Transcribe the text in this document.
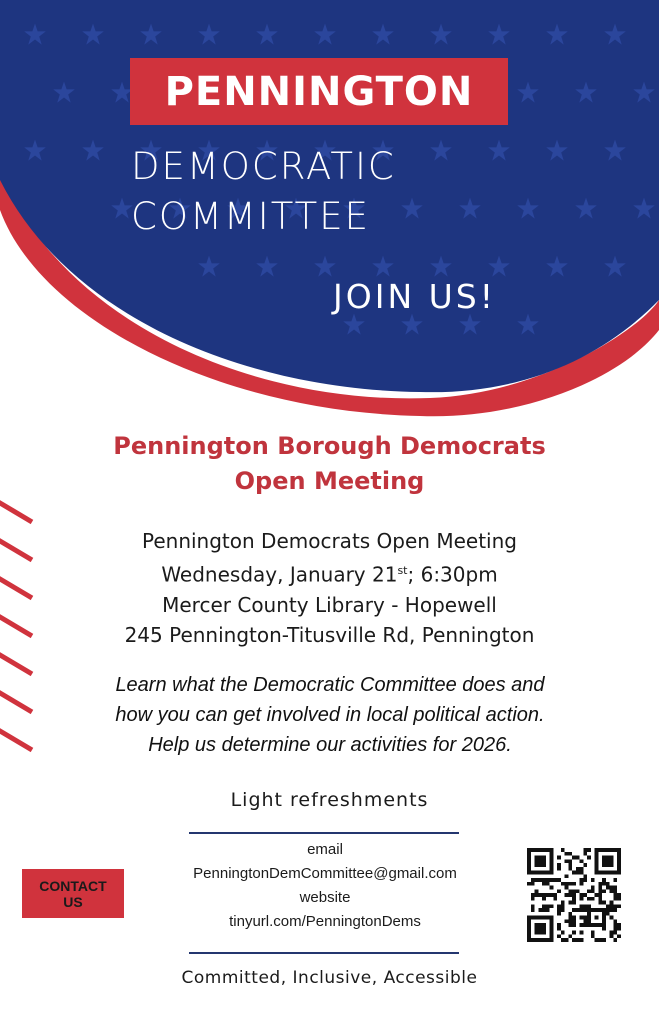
PENNINGTON
DEMOCRATIC
COMMITTEE
JOIN US!
Pennington Borough Democrats
Open Meeting
Pennington Democrats Open Meeting
Wednesday, January 21st; 6:30pm
Mercer County Library - Hopewell
245 Pennington-Titusville Rd, Pennington
Learn what the Democratic Committee does and
how you can get involved in local political action.
Help us determine our activities for 2026.
Light refreshments
CONTACT
US
email
PenningtonDemCommittee@gmail.com
website
tinyurl.com/PenningtonDems
Committed, Inclusive, Accessible
